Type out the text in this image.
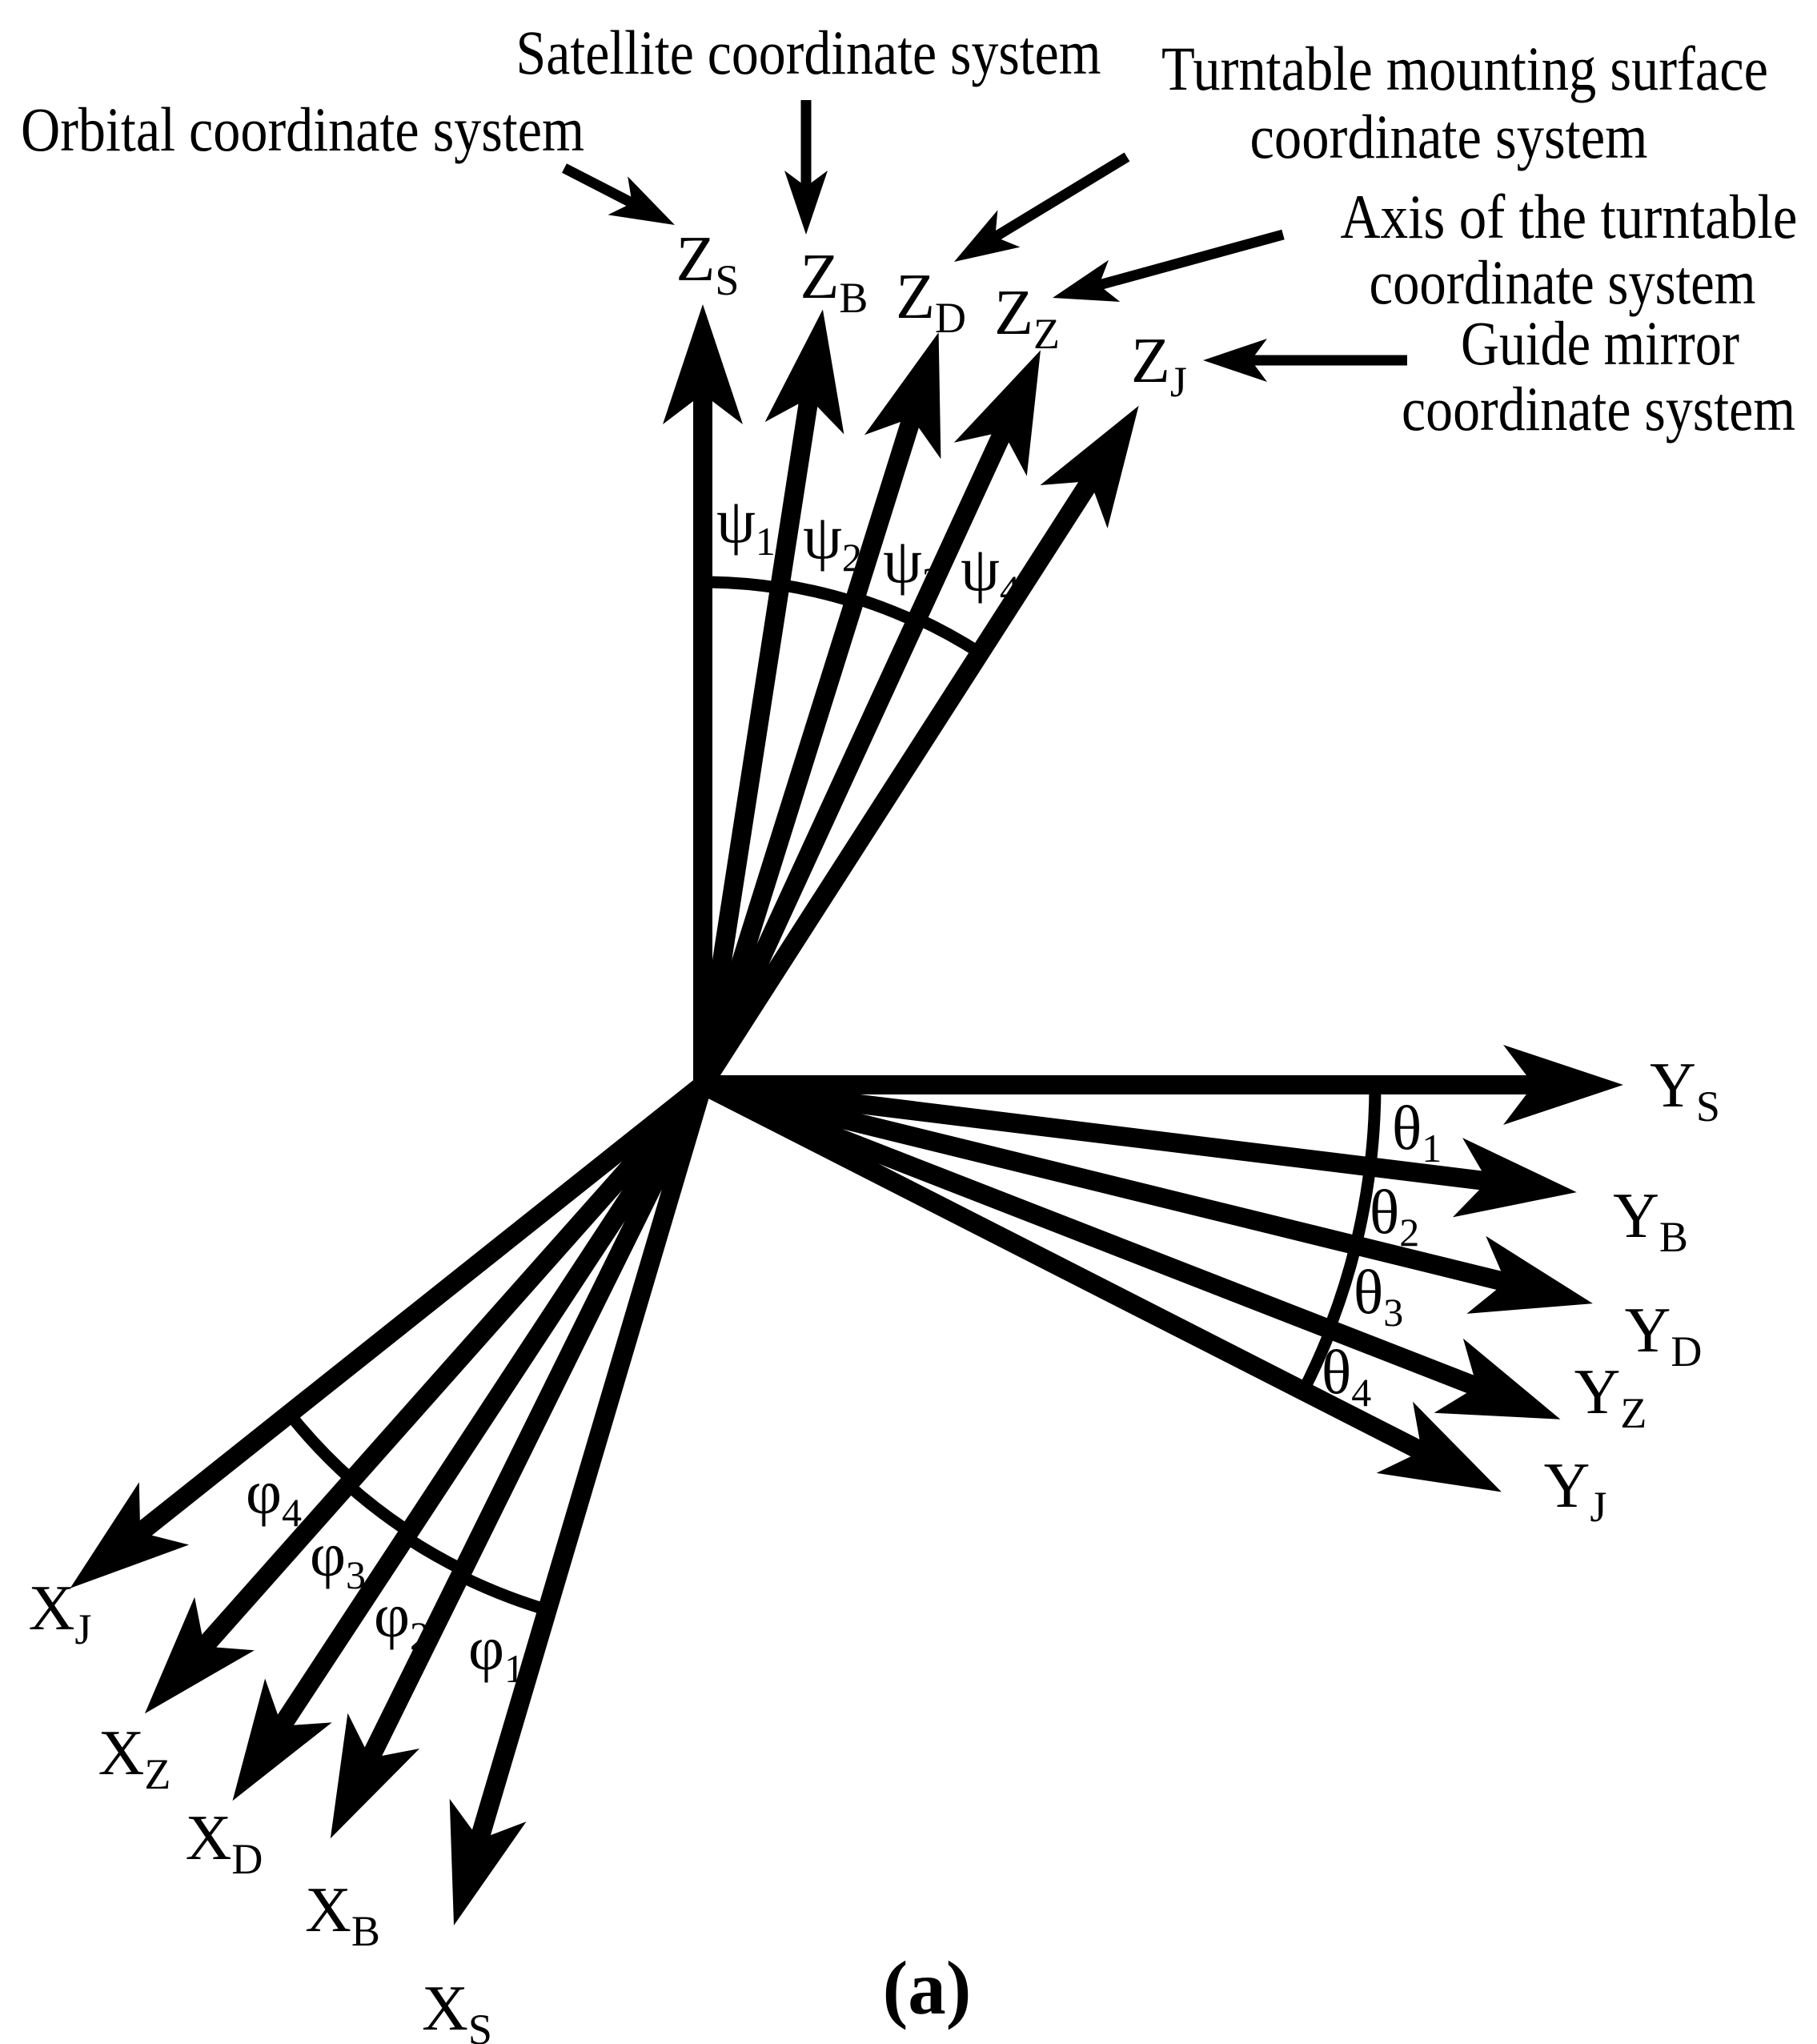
$Z_S$ $Z_B$ $Z_D$ $Z_Z$ $Z_J$
$\psi_1$ $\psi_2$ $\psi_3$ $\psi_4$
$Y_S$
$Y_B$
$Y_D$
$Y_Z$
$Y_J$
$\theta_1$
$\theta_2$
$\theta_3$
$\theta_4$
$X_J$
$X_Z$
$X_D$
$X_B$
$X_S$
$\varphi_1$
$\varphi_2$
$\varphi_3$
$\varphi_4$
Satellite coordinate system
Orbital coordinate system
Turntable mounting surface
coordinate system
Axis of the turntable
coordinate system
Guide mirror
coordinate system
(a)
